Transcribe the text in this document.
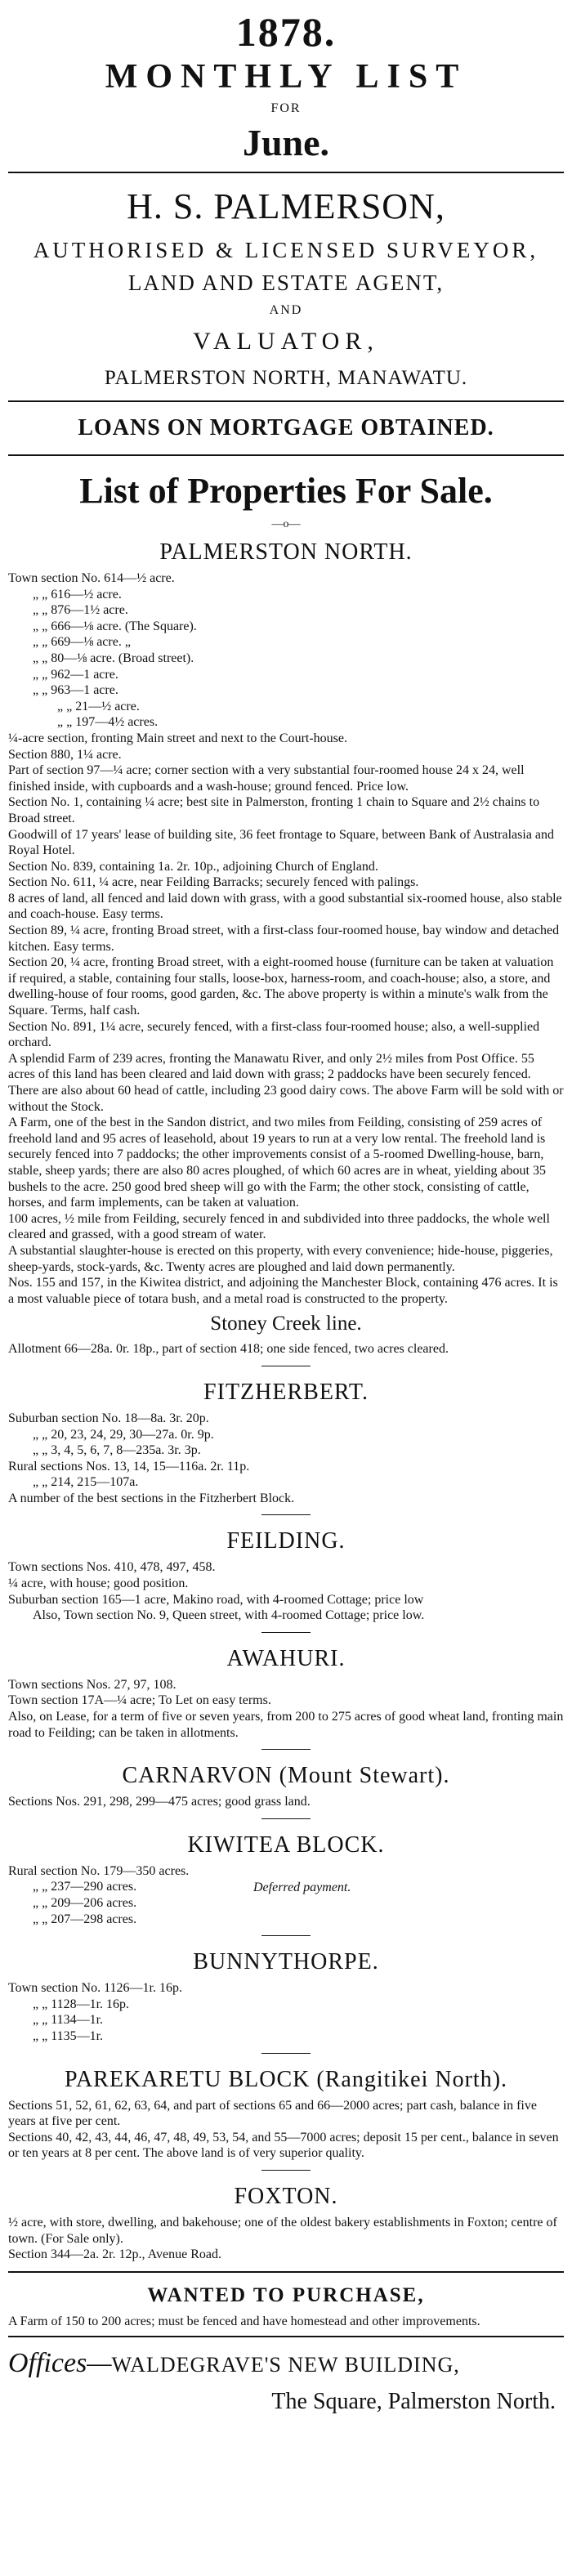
1878.
MONTHLY LIST
FOR
June.
H. S. PALMERSON,
AUTHORISED & LICENSED SURVEYOR,
LAND AND ESTATE AGENT,
AND
VALUATOR,
PALMERSTON NORTH, MANAWATU.
LOANS ON MORTGAGE OBTAINED.
List of Properties For Sale.
—o—
PALMERSTON NORTH.
Town section No. 614—½ acre.
„ „ 616—½ acre.
„ „ 876—1½ acre.
„ „ 666—⅛ acre. (The Square).
„ „ 669—⅛ acre. „
„ „ 80—⅛ acre. (Broad street).
„ „ 962—1 acre.
„ „ 963—1 acre.
„ „ 21—½ acre.
„ „ 197—4½ acres.
¼-acre section, fronting Main street and next to the Court-house.
Section 880, 1¼ acre.
Part of section 97—¼ acre; corner section with a very substantial four-roomed house 24 x 24, well finished inside, with cupboards and a wash-house; ground fenced. Price low.
Section No. 1, containing ¼ acre; best site in Palmerston, fronting 1 chain to Square and 2½ chains to Broad street.
Goodwill of 17 years' lease of building site, 36 feet frontage to Square, between Bank of Australasia and Royal Hotel.
Section No. 839, containing 1a. 2r. 10p., adjoining Church of England.
Section No. 611, ¼ acre, near Feilding Barracks; securely fenced with palings.
8 acres of land, all fenced and laid down with grass, with a good substantial six-roomed house, also stable and coach-house. Easy terms.
Section 89, ¼ acre, fronting Broad street, with a first-class four-roomed house, bay window and detached kitchen. Easy terms.
Section 20, ¼ acre, fronting Broad street, with a eight-roomed house (furniture can be taken at valuation if required, a stable, containing four stalls, loose-box, harness-room, and coach-house; also, a store, and dwelling-house of four rooms, good garden, &c. The above property is within a minute's walk from the Square. Terms, half cash.
Section No. 891, 1¼ acre, securely fenced, with a first-class four-roomed house; also, a well-supplied orchard.
A splendid Farm of 239 acres, fronting the Manawatu River, and only 2½ miles from Post Office. 55 acres of this land has been cleared and laid down with grass; 2 paddocks have been securely fenced. There are also about 60 head of cattle, including 23 good dairy cows. The above Farm will be sold with or without the Stock.
A Farm, one of the best in the Sandon district, and two miles from Feilding, consisting of 259 acres of freehold land and 95 acres of leasehold, about 19 years to run at a very low rental. The freehold land is securely fenced into 7 paddocks; the other improvements consist of a 5-roomed Dwelling-house, barn, stable, sheep yards; there are also 80 acres ploughed, of which 60 acres are in wheat, yielding about 35 bushels to the acre. 250 good bred sheep will go with the Farm; the other stock, consisting of cattle, horses, and farm implements, can be taken at valuation.
100 acres, ½ mile from Feilding, securely fenced in and subdivided into three paddocks, the whole well cleared and grassed, with a good stream of water.
A substantial slaughter-house is erected on this property, with every convenience; hide-house, piggeries, sheep-yards, stock-yards, &c. Twenty acres are ploughed and laid down permanently.
Nos. 155 and 157, in the Kiwitea district, and adjoining the Manchester Block, containing 476 acres. It is a most valuable piece of totara bush, and a metal road is constructed to the property.
Stoney Creek line.
Allotment 66—28a. 0r. 18p., part of section 418; one side fenced, two acres cleared.
FITZHERBERT.
Suburban section No. 18—8a. 3r. 20p.
„ „ 20, 23, 24, 29, 30—27a. 0r. 9p.
„ „ 3, 4, 5, 6, 7, 8—235a. 3r. 3p.
Rural sections Nos. 13, 14, 15—116a. 2r. 11p.
„ „ 214, 215—107a.
A number of the best sections in the Fitzherbert Block.
FEILDING.
Town sections Nos. 410, 478, 497, 458.
¼ acre, with house; good position.
Suburban section 165—1 acre, Makino road, with 4-roomed Cottage; price low
Also, Town section No. 9, Queen street, with 4-roomed Cottage; price low.
AWAHURI.
Town sections Nos. 27, 97, 108.
Town section 17A—¼ acre; To Let on easy terms.
Also, on Lease, for a term of five or seven years, from 200 to 275 acres of good wheat land, fronting main road to Feilding; can be taken in allotments.
CARNARVON (Mount Stewart).
Sections Nos. 291, 298, 299—475 acres; good grass land.
KIWITEA BLOCK.
Rural section No. 179—350 acres.
„ „ 237—290 acres.
„ „ 209—206 acres.
„ „ 207—298 acres.
Deferred payment.
BUNNYTHORPE.
Town section No. 1126—1r. 16p.
„ „ 1128—1r. 16p.
„ „ 1134—1r.
„ „ 1135—1r.
PAREKARETU BLOCK (Rangitikei North).
Sections 51, 52, 61, 62, 63, 64, and part of sections 65 and 66—2000 acres; part cash, balance in five years at five per cent.
Sections 40, 42, 43, 44, 46, 47, 48, 49, 53, 54, and 55—7000 acres; deposit 15 per cent., balance in seven or ten years at 8 per cent. The above land is of very superior quality.
FOXTON.
½ acre, with store, dwelling, and bakehouse; one of the oldest bakery establishments in Foxton; centre of town. (For Sale only).
Section 344—2a. 2r. 12p., Avenue Road.
WANTED TO PURCHASE,
A Farm of 150 to 200 acres; must be fenced and have homestead and other improvements.
Offices—WALDEGRAVE'S NEW BUILDING,
The Square, Palmerston North.
